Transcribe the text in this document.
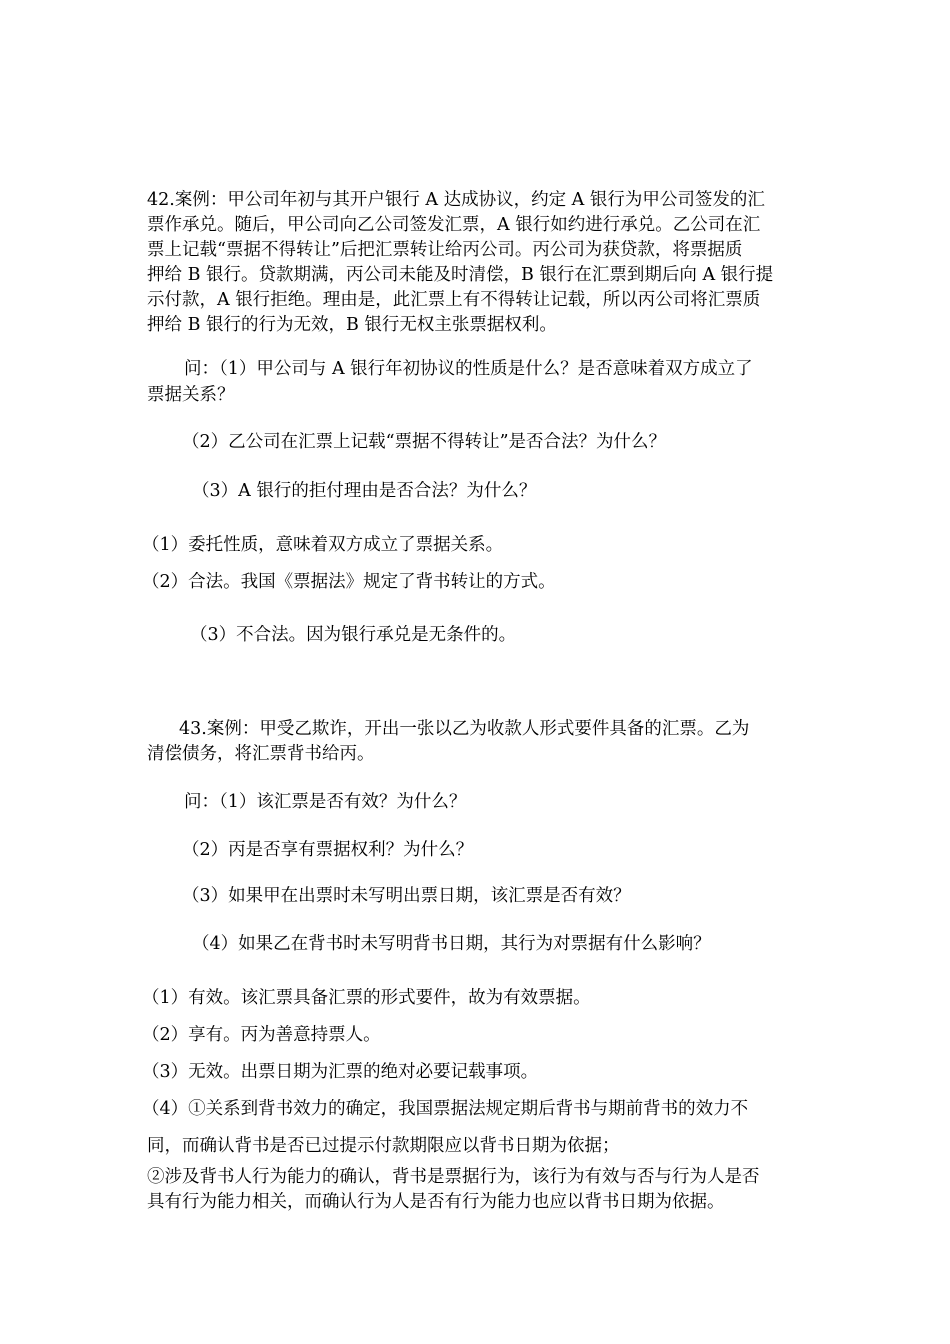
42.案例：甲公司年初与其开户银行 A 达成协议，约定 A 银行为甲公司签发的汇

票作承兑。随后，甲公司向乙公司签发汇票，A 银行如约进行承兑。乙公司在汇

票上记载“票据不得转让”后把汇票转让给丙公司。丙公司为获贷款，将票据质

押给 B 银行。贷款期满，丙公司未能及时清偿，B 银行在汇票到期后向 A 银行提

示付款，A 银行拒绝。理由是，此汇票上有不得转让记载，所以丙公司将汇票质

押给 B 银行的行为无效，B 银行无权主张票据权利。

问：（1）甲公司与 A 银行年初协议的性质是什么？是否意味着双方成立了

票据关系？

（2）乙公司在汇票上记载“票据不得转让”是否合法？为什么？

（3）A 银行的拒付理由是否合法？为什么？

（1）委托性质，意味着双方成立了票据关系。

（2）合法。我国《票据法》规定了背书转让的方式。

（3）不合法。因为银行承兑是无条件的。

43.案例：甲受乙欺诈，开出一张以乙为收款人形式要件具备的汇票。乙为

清偿债务，将汇票背书给丙。

问：（1）该汇票是否有效？为什么？

（2）丙是否享有票据权利？为什么？

（3）如果甲在出票时未写明出票日期，该汇票是否有效？

（4）如果乙在背书时未写明背书日期，其行为对票据有什么影响？

（1）有效。该汇票具备汇票的形式要件，故为有效票据。

（2）享有。丙为善意持票人。

（3）无效。出票日期为汇票的绝对必要记载事项。

（4）①关系到背书效力的确定，我国票据法规定期后背书与期前背书的效力不

同，而确认背书是否已过提示付款期限应以背书日期为依据；

②涉及背书人行为能力的确认，背书是票据行为，该行为有效与否与行为人是否

具有行为能力相关，而确认行为人是否有行为能力也应以背书日期为依据。
